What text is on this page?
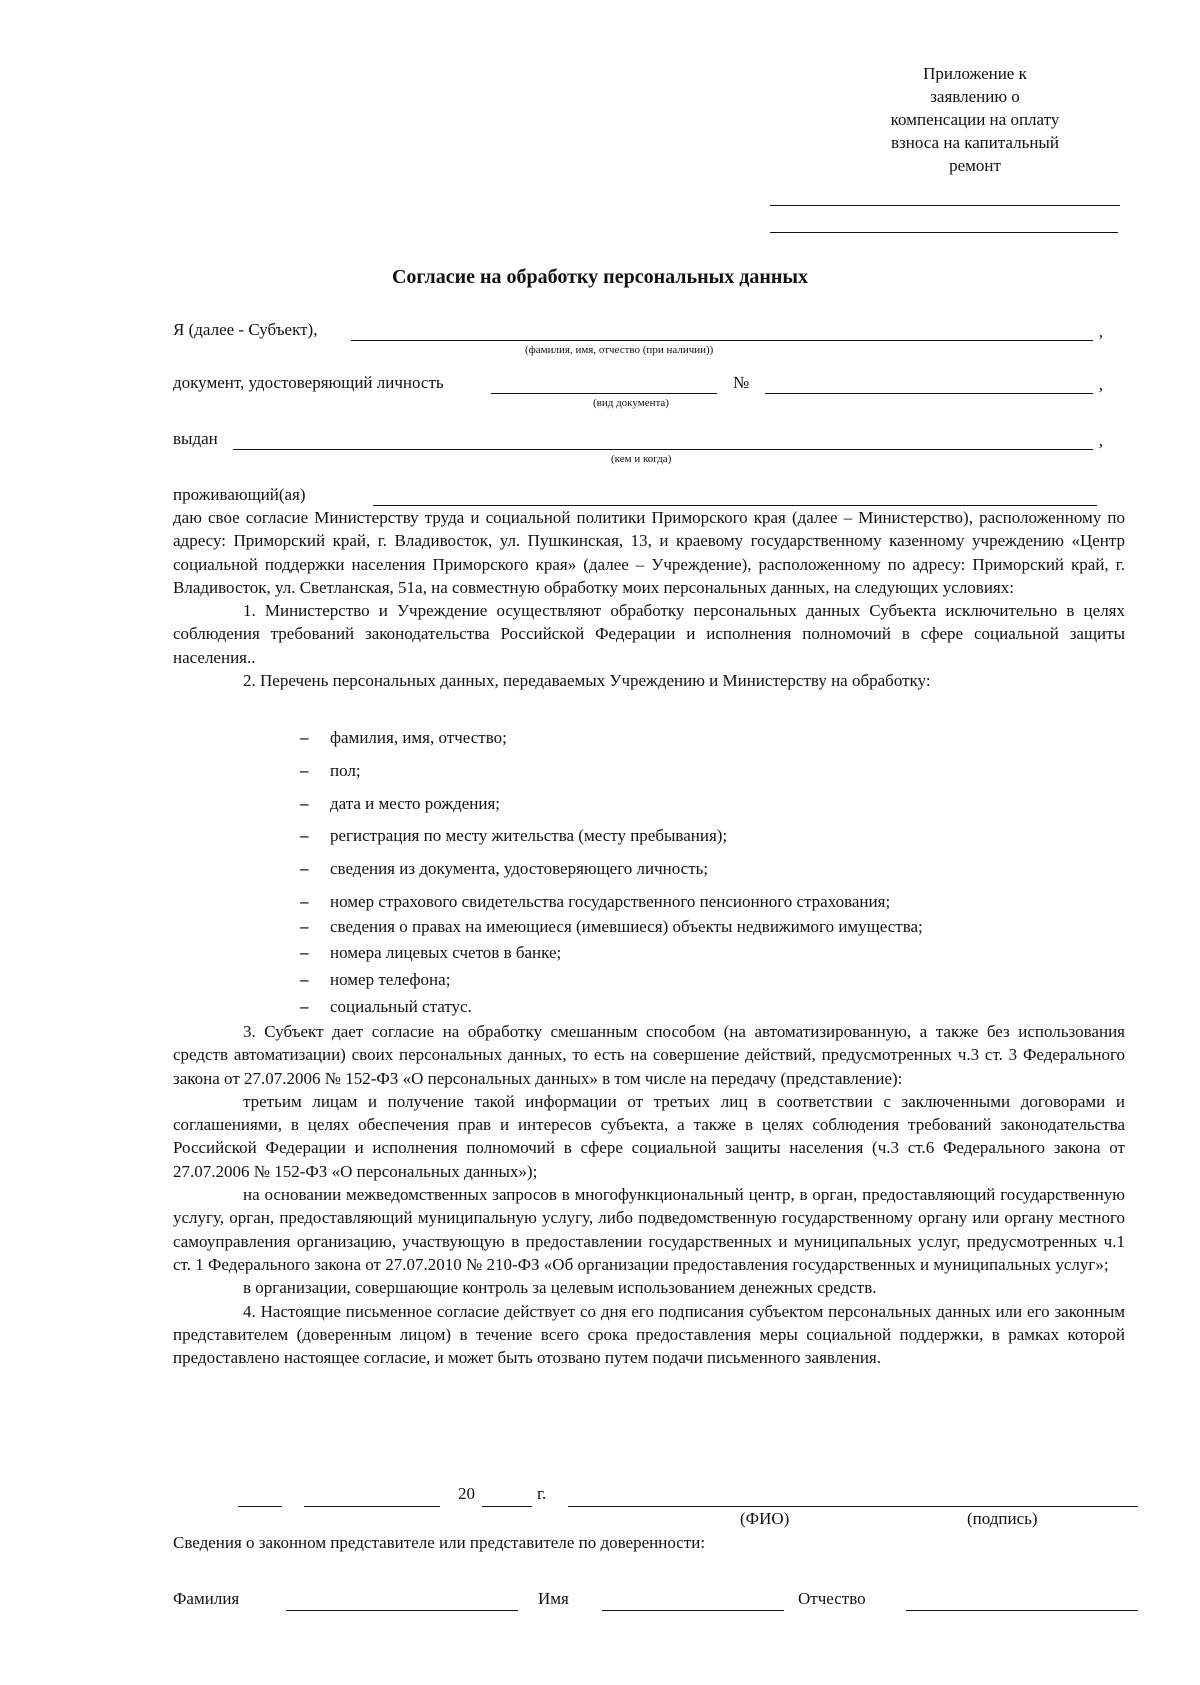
Приложение к
заявлению о
компенсации на оплату
взноса на капитальный
ремонт
Согласие на обработку персональных данных
Я (далее - Субъект),	,
(фамилия, имя, отчество (при наличии))
документ, удостоверяющий личность	№	,
(вид документа)
выдан	,
(кем и когда)
проживающий(ая)

даю свое согласие Министерству труда и социальной политики Приморского края (далее – Министерство), расположенному по адресу: Приморский край, г. Владивосток, ул. Пушкинская, 13, и краевому государственному казенному учреждению «Центр социальной поддержки населения Приморского края» (далее – Учреждение), расположенному по адресу: Приморский край, г. Владивосток, ул. Светланская, 51а, на совместную обработку моих персональных данных, на следующих условиях:

1. Министерство и Учреждение осуществляют обработку персональных данных Субъекта исключительно в целях соблюдения требований законодательства Российской Федерации и исполнения полномочий в сфере социальной защиты населения..

2. Перечень персональных данных, передаваемых Учреждению и Министерству на обработку:

– фамилия, имя, отчество;
– пол;
– дата и место рождения;
– регистрация по месту жительства (месту пребывания);
– сведения из документа, удостоверяющего личность;
– номер страхового свидетельства государственного пенсионного страхования;
– сведения о правах на имеющиеся (имевшиеся) объекты недвижимого имущества;
– номера лицевых счетов в банке;
– номер телефона;
– социальный статус.

3. Субъект дает согласие на обработку смешанным способом (на автоматизированную, а также без использования средств автоматизации) своих персональных данных, то есть на совершение действий, предусмотренных ч.3 ст. 3 Федерального закона от 27.07.2006 № 152-ФЗ «О персональных данных» в том числе на передачу (представление):

третьим лицам и получение такой информации от третьих лиц в соответствии с заключенными договорами и соглашениями, в целях обеспечения прав и интересов субъекта, а также в целях соблюдения требований законодательства Российской Федерации и исполнения полномочий в сфере социальной защиты населения (ч.3 ст.6 Федерального закона от 27.07.2006 № 152-ФЗ «О персональных данных»);

на основании межведомственных запросов в многофункциональный центр, в орган, предоставляющий государственную услугу, орган, предоставляющий муниципальную услугу, либо подведомственную государственному органу или органу местного самоуправления организацию, участвующую в предоставлении государственных и муниципальных услуг, предусмотренных ч.1 ст. 1 Федерального закона от 27.07.2010 № 210-ФЗ «Об организации предоставления государственных и муниципальных услуг»;

в организации, совершающие контроль за целевым использованием денежных средств.

4. Настоящие письменное согласие действует со дня его подписания субъектом персональных данных или его законным представителем (доверенным лицом) в течение всего срока предоставления меры социальной поддержки, в рамках которой предоставлено настоящее согласие, и может быть отозвано путем подачи письменного заявления.

20	г.
(ФИО)	(подпись)
Сведения о законном представителе или представителе по доверенности:
Фамилия	Имя	Отчество
